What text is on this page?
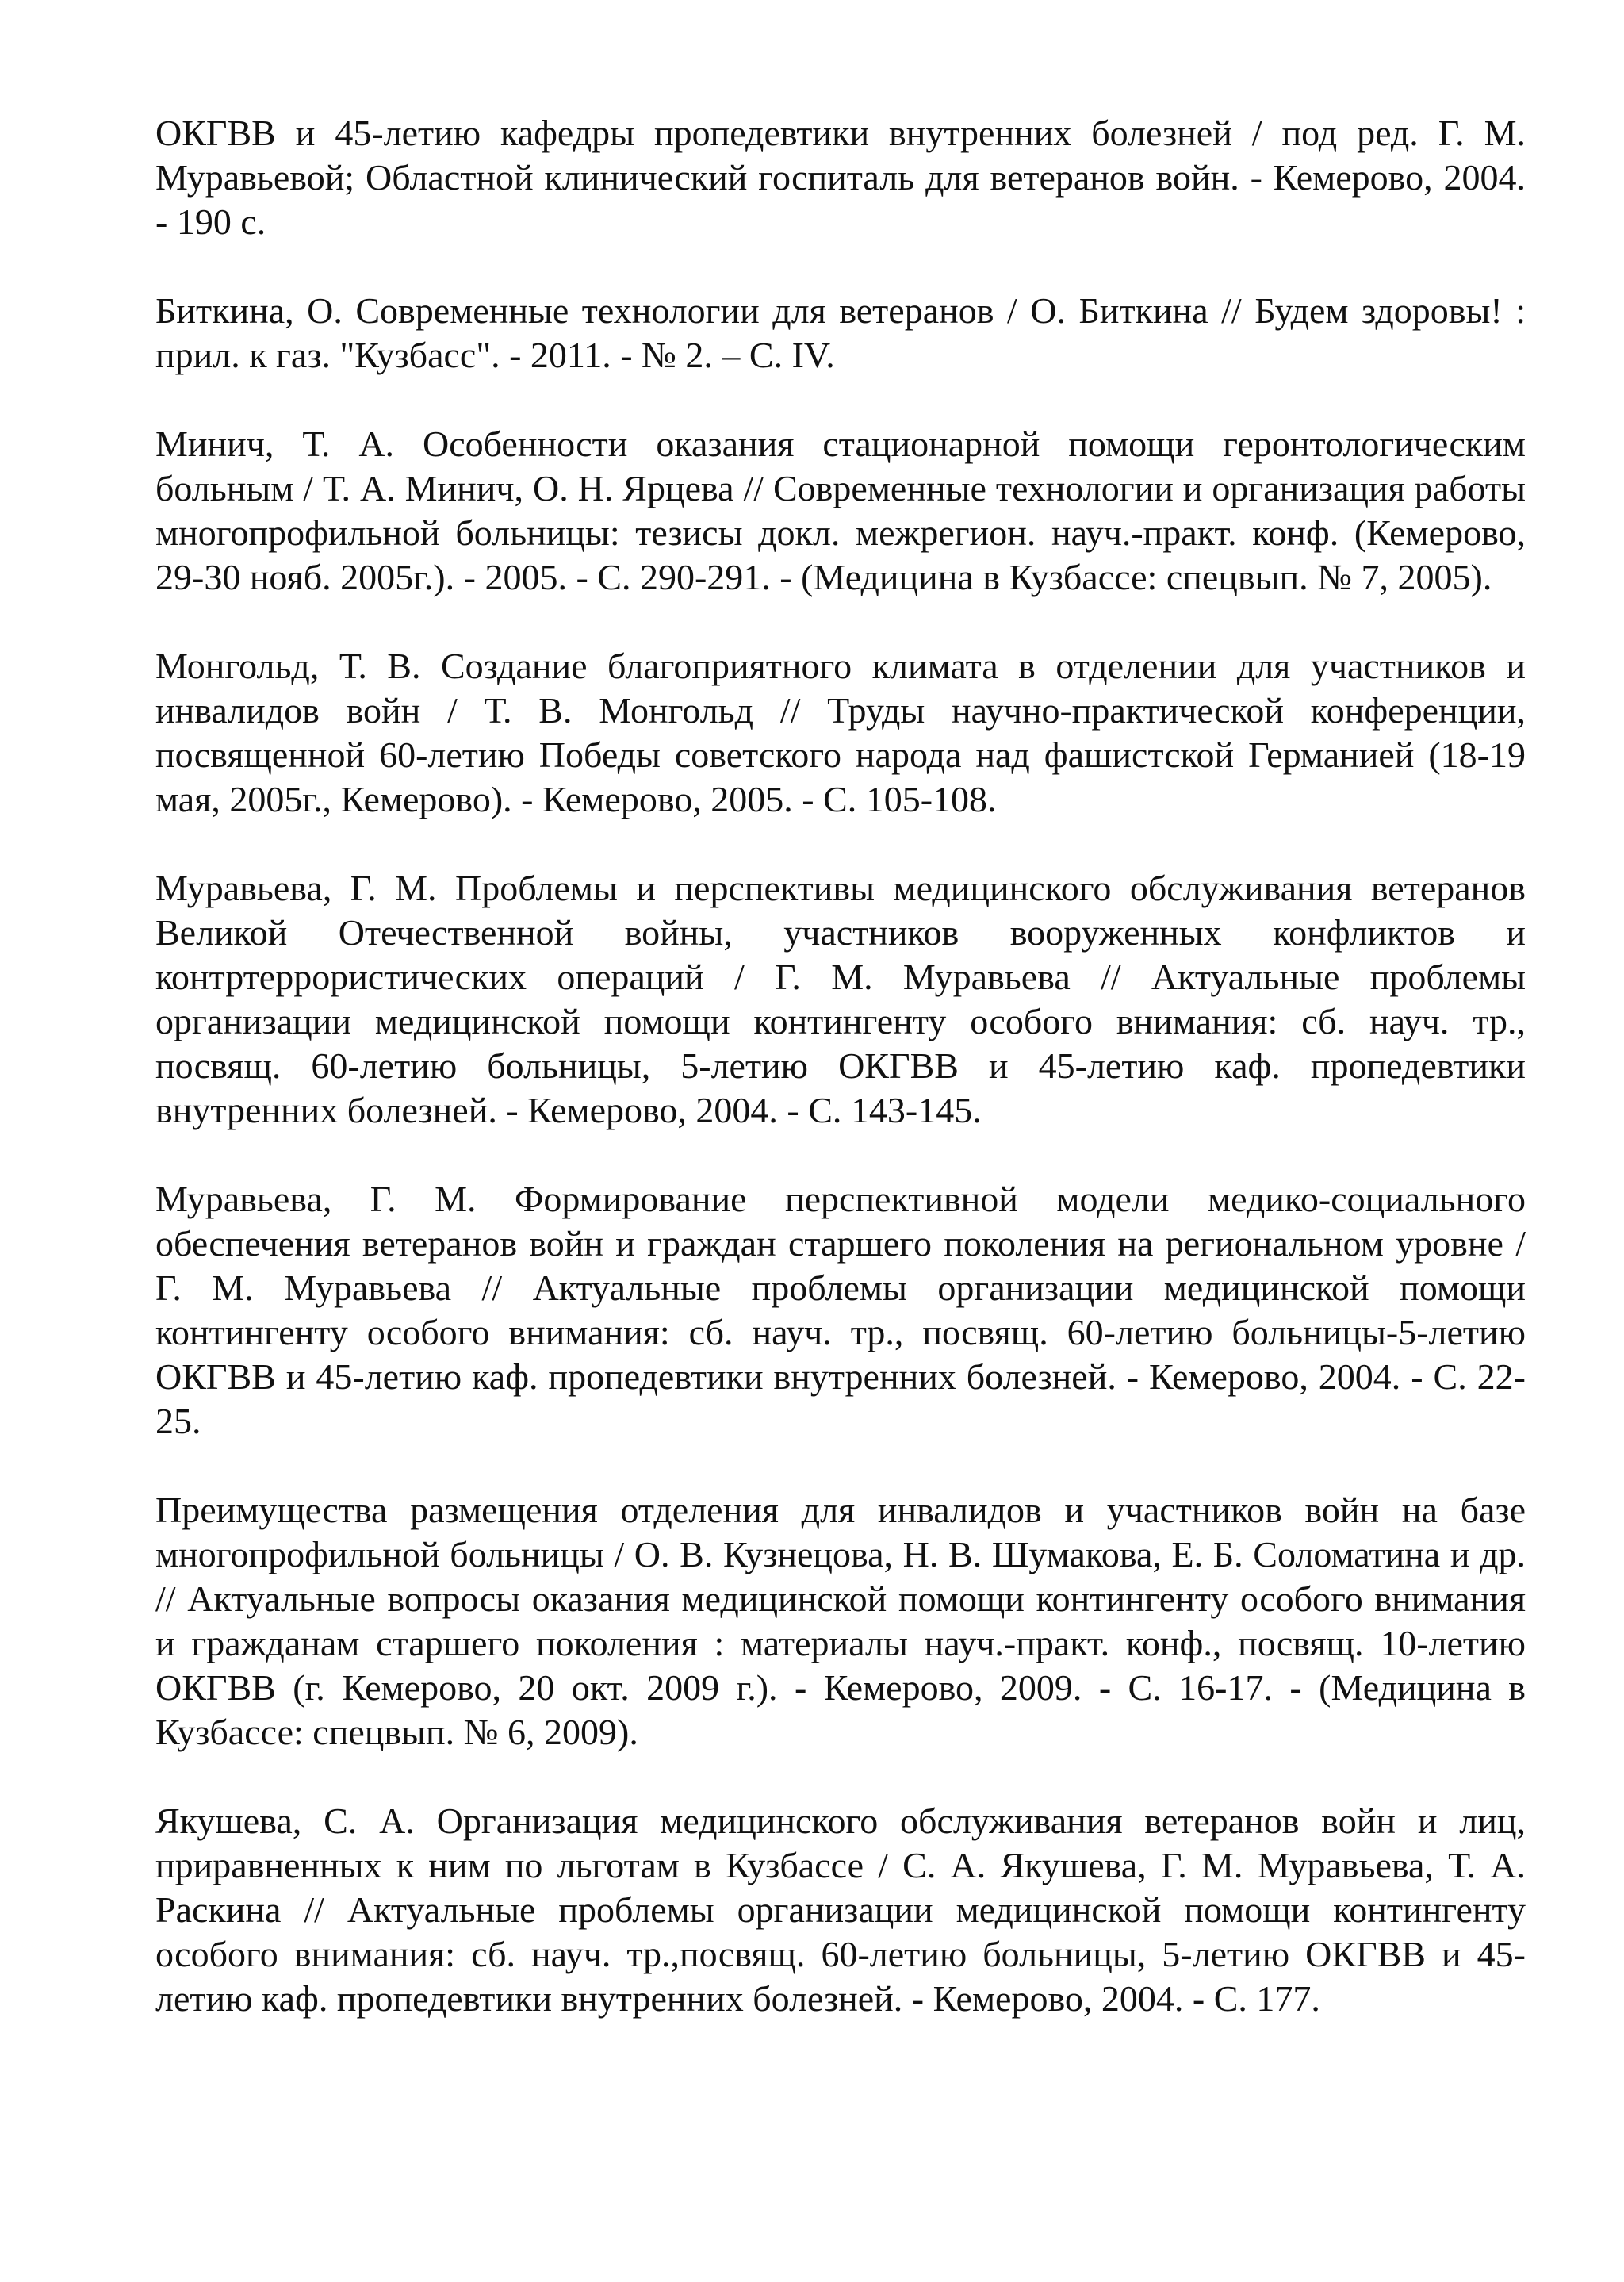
ОКГВВ и 45-летию кафедры пропедевтики внутренних болезней / под ред. Г. М. Муравьевой; Областной клинический госпиталь для ветеранов войн. - Кемерово, 2004. - 190 с.

Биткина, О. Современные технологии для ветеранов / О. Биткина // Будем здоровы! : прил. к газ. "Кузбасс". - 2011. - № 2. – С. IV.

Минич, Т. А. Особенности оказания стационарной помощи геронтологическим больным / Т. А. Минич, О. Н. Ярцева // Современные технологии и организация работы многопрофильной больницы: тезисы докл. межрегион. науч.-практ. конф. (Кемерово, 29-30 нояб. 2005г.). - 2005. - С. 290-291. - (Медицина в Кузбассе: спецвып. № 7, 2005).

Монгольд, Т. В. Создание благоприятного климата в отделении для участников и инвалидов войн / Т. В. Монгольд // Труды научно-практической конференции, посвященной 60-летию Победы советского народа над фашистской Германией (18-19 мая, 2005г., Кемерово). - Кемерово, 2005. - С. 105-108.

Муравьева, Г. М. Проблемы и перспективы медицинского обслуживания ветеранов Великой Отечественной войны, участников вооруженных конфликтов и контртеррористических операций / Г. М. Муравьева // Актуальные проблемы организации медицинской помощи контингенту особого внимания: сб. науч. тр., посвящ. 60-летию больницы, 5-летию ОКГВВ и 45-летию каф. пропедевтики внутренних болезней. - Кемерово, 2004. - С. 143-145.

Муравьева, Г. М. Формирование перспективной модели медико-социального обеспечения ветеранов войн и граждан старшего поколения на региональном уровне / Г. М. Муравьева // Актуальные проблемы организации медицинской помощи контингенту особого внимания: сб. науч. тр., посвящ. 60-летию больницы-5-летию ОКГВВ и 45-летию каф. пропедевтики внутренних болезней. - Кемерово, 2004. - С. 22-25.

Преимущества размещения отделения для инвалидов и участников войн на базе многопрофильной больницы / О. В. Кузнецова, Н. В. Шумакова, Е. Б. Соломатина и др. // Актуальные вопросы оказания медицинской помощи контингенту особого внимания и гражданам старшего поколения : материалы науч.-практ. конф., посвящ. 10-летию ОКГВВ (г. Кемерово, 20 окт. 2009 г.). - Кемерово, 2009. - С. 16-17. - (Медицина в Кузбассе: спецвып. № 6, 2009).

Якушева, С. А. Организация медицинского обслуживания ветеранов войн и лиц, приравненных к ним по льготам в Кузбассе / С. А. Якушева, Г. М. Муравьева, Т. А. Раскина // Актуальные проблемы организации медицинской помощи контингенту особого внимания: сб. науч. тр.,посвящ. 60-летию больницы, 5-летию ОКГВВ и 45-летию каф. пропедевтики внутренних болезней. - Кемерово, 2004. - С. 177.
